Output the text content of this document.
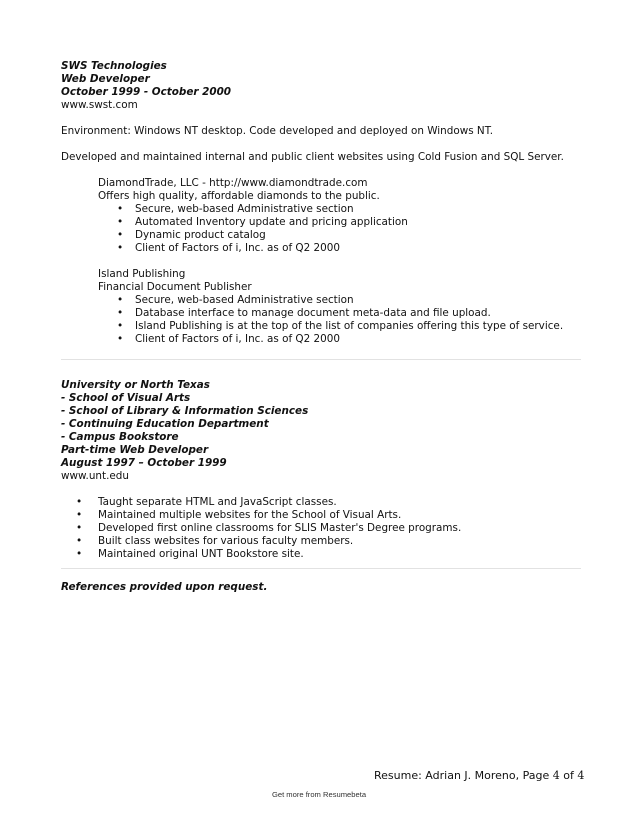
SWS Technologies
Web Developer
October 1999 - October 2000
www.swst.com
Environment: Windows NT desktop. Code developed and deployed on Windows NT.
Developed and maintained internal and public client websites using Cold Fusion and SQL Server.
DiamondTrade, LLC - http://www.diamondtrade.com
Offers high quality, affordable diamonds to the public.
• Secure, web-based Administrative section
• Automated Inventory update and pricing application
• Dynamic product catalog
• Client of Factors of i, Inc. as of Q2 2000
Island Publishing
Financial Document Publisher
• Secure, web-based Administrative section
• Database interface to manage document meta-data and file upload.
• Island Publishing is at the top of the list of companies offering this type of service.
• Client of Factors of i, Inc. as of Q2 2000
University or North Texas
- School of Visual Arts
- School of Library & Information Sciences
- Continuing Education Department
- Campus Bookstore
Part-time Web Developer
August 1997 – October 1999
www.unt.edu
• Taught separate HTML and JavaScript classes.
• Maintained multiple websites for the School of Visual Arts.
• Developed first online classrooms for SLIS Master's Degree programs.
• Built class websites for various faculty members.
• Maintained original UNT Bookstore site.
References provided upon request.
Resume: Adrian J. Moreno, Page 4 of 4
Get more from Resumebeta
